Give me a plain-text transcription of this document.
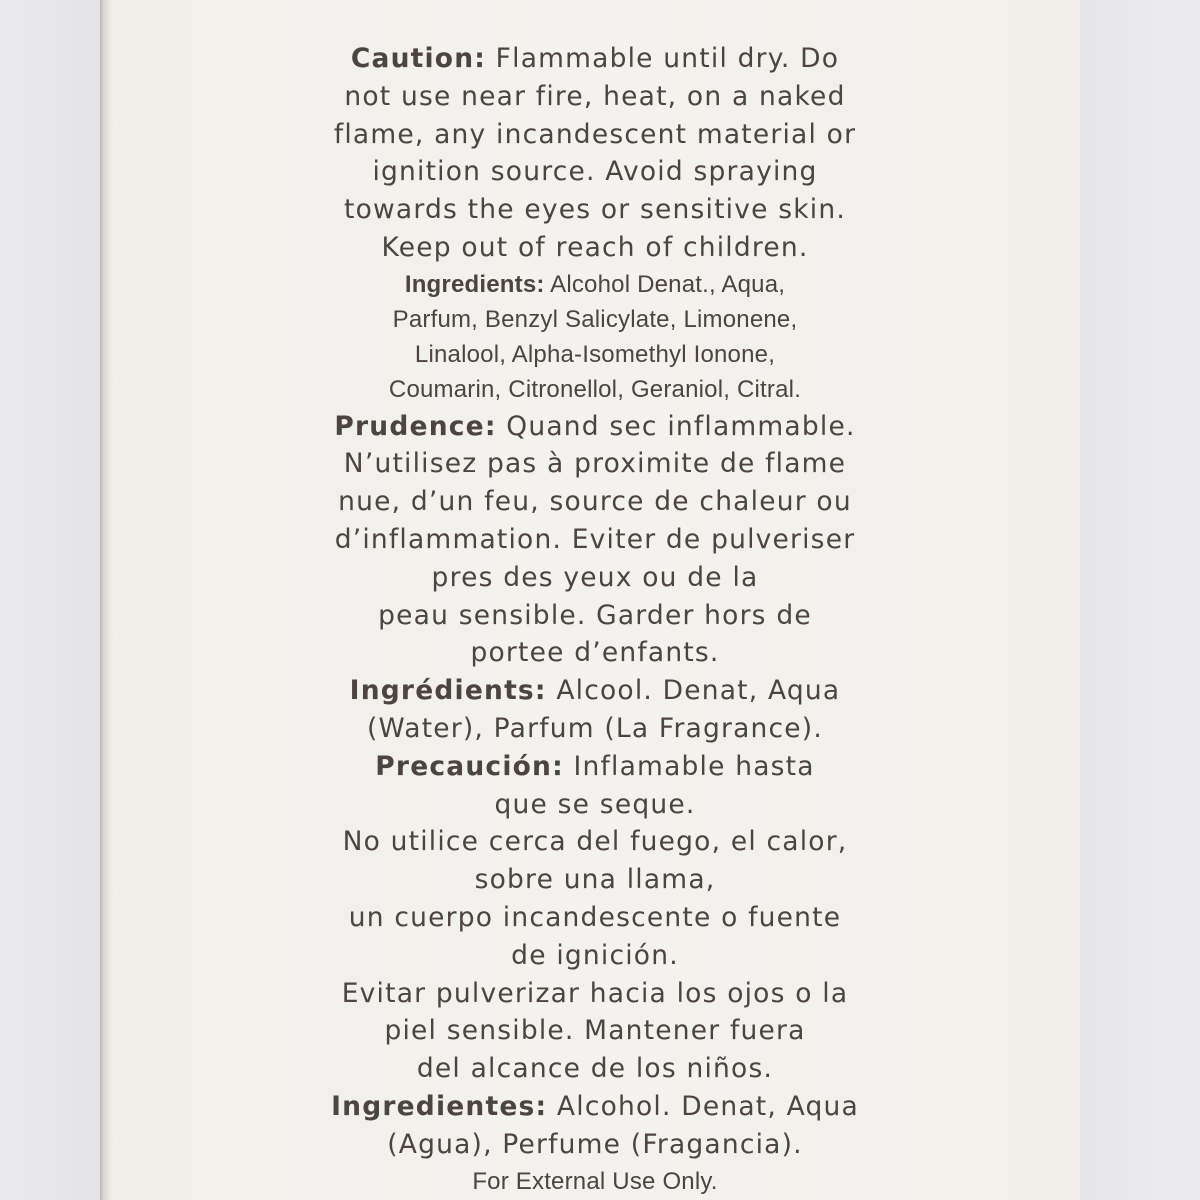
Caution: Flammable until dry. Do
not use near fire, heat, on a naked
flame, any incandescent material or
ignition source. Avoid spraying
towards the eyes or sensitive skin.
Keep out of reach of children.
Ingredients: Alcohol Denat., Aqua,
Parfum, Benzyl Salicylate, Limonene,
Linalool, Alpha-Isomethyl Ionone,
Coumarin, Citronellol, Geraniol, Citral.
Prudence: Quand sec inflammable.
N’utilisez pas à proximite de flame
nue, d’un feu, source de chaleur ou
d’inflammation. Eviter de pulveriser
pres des yeux ou de la
peau sensible. Garder hors de
portee d’enfants.
Ingrédients: Alcool. Denat, Aqua
(Water), Parfum (La Fragrance).
Precaución: Inflamable hasta
que se seque.
No utilice cerca del fuego, el calor,
sobre una llama,
un cuerpo incandescente o fuente
de ignición.
Evitar pulverizar hacia los ojos o la
piel sensible. Mantener fuera
del alcance de los niños.
Ingredientes: Alcohol. Denat, Aqua
(Agua), Perfume (Fragancia).
For External Use Only.
